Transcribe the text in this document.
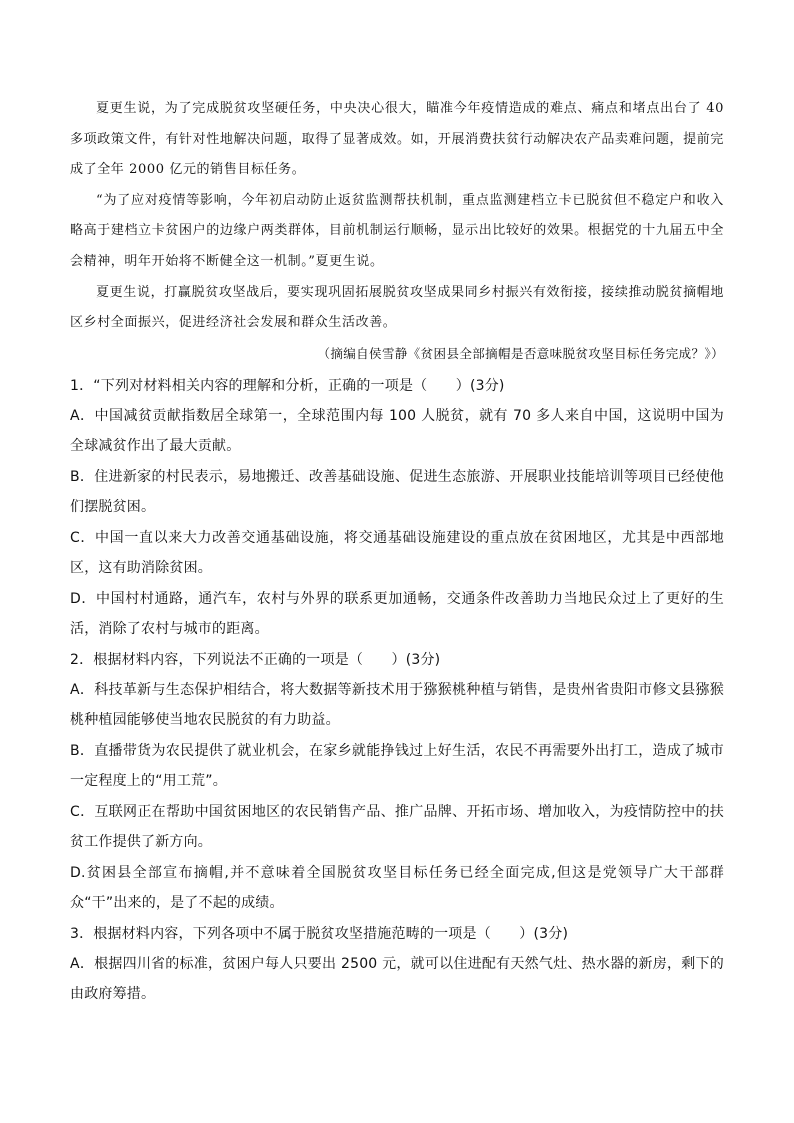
夏更生说，为了完成脱贫攻坚硬任务，中央决心很大，瞄准今年疫情造成的难点、痛点和堵点出台了 40 多项政策文件，有针对性地解决问题，取得了显著成效。如，开展消费扶贫行动解决农产品卖难问题，提前完成了全年 2000 亿元的销售目标任务。

“为了应对疫情等影响，今年初启动防止返贫监测帮扶机制，重点监测建档立卡已脱贫但不稳定户和收入略高于建档立卡贫困户的边缘户两类群体，目前机制运行顺畅，显示出比较好的效果。根据党的十九届五中全会精神，明年开始将不断健全这一机制。”夏更生说。

夏更生说，打赢脱贫攻坚战后，要实现巩固拓展脱贫攻坚成果同乡村振兴有效衔接，接续推动脱贫摘帽地区乡村全面振兴，促进经济社会发展和群众生活改善。

（摘编自侯雪静《贫困县全部摘帽是否意味脱贫攻坚目标任务完成？》）

1．“下列对材料相关内容的理解和分析，正确的一项是（　　）(3分)

A．中国减贫贡献指数居全球第一，全球范围内每 100 人脱贫，就有 70 多人来自中国，这说明中国为全球减贫作出了最大贡献。

B．住进新家的村民表示，易地搬迁、改善基础设施、促进生态旅游、开展职业技能培训等项目已经使他们摆脱贫困。

C．中国一直以来大力改善交通基础设施，将交通基础设施建设的重点放在贫困地区，尤其是中西部地区，这有助消除贫困。

D．中国村村通路，通汽车，农村与外界的联系更加通畅，交通条件改善助力当地民众过上了更好的生活，消除了农村与城市的距离。

2．根据材料内容，下列说法不正确的一项是（　　）(3分)

A．科技革新与生态保护相结合，将大数据等新技术用于猕猴桃种植与销售，是贵州省贵阳市修文县猕猴桃种植园能够使当地农民脱贫的有力助益。

B．直播带货为农民提供了就业机会，在家乡就能挣钱过上好生活，农民不再需要外出打工，造成了城市一定程度上的“用工荒”。

C．互联网正在帮助中国贫困地区的农民销售产品、推广品牌、开拓市场、增加收入，为疫情防控中的扶贫工作提供了新方向。

D.贫困县全部宣布摘帽,并不意味着全国脱贫攻坚目标任务已经全面完成,但这是党领导广大干部群众“干”出来的，是了不起的成绩。

3．根据材料内容，下列各项中不属于脱贫攻坚措施范畴的一项是（　　）(3分)

A．根据四川省的标准，贫困户每人只要出 2500 元，就可以住进配有天然气灶、热水器的新房，剩下的由政府筹措。
